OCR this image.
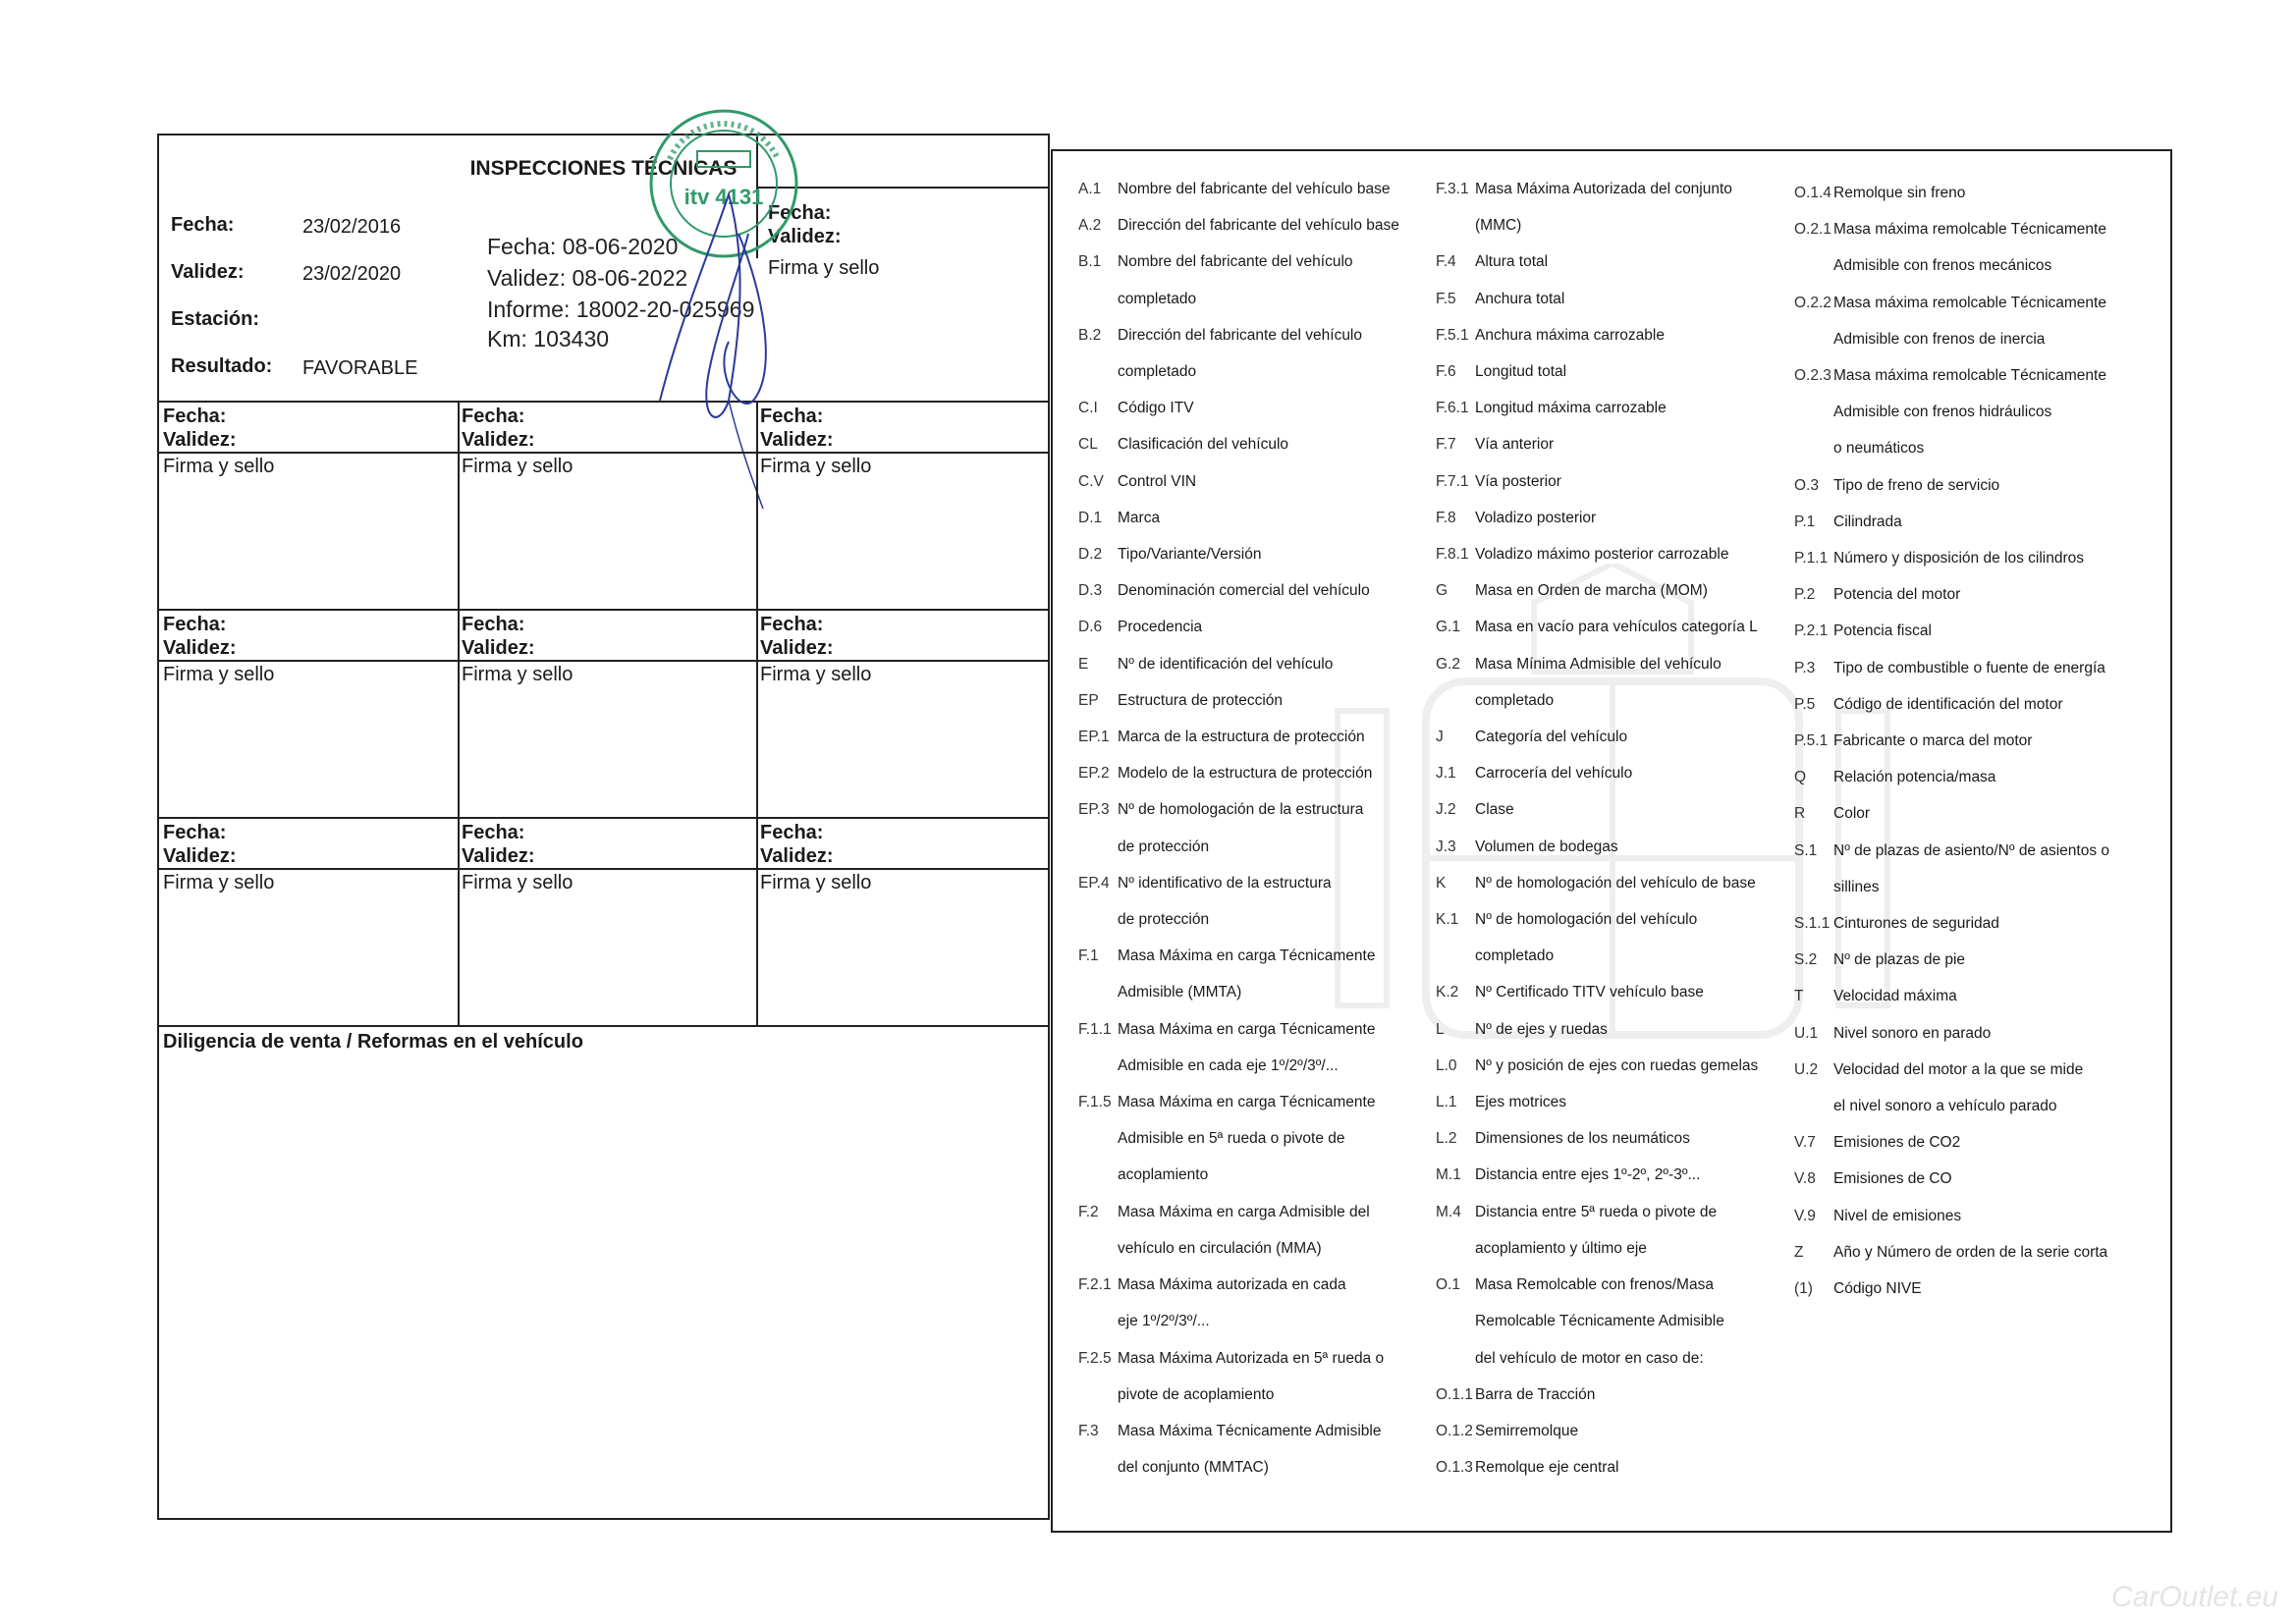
INSPECCIONES TÉCNICAS
Fecha:	23/02/2016
Validez:	23/02/2020
Estación:
Resultado: FAVORABLE
Fecha: 08-06-2020
Validez: 08-06-2022
Informe: 18002-20-025969
Km: 103430
Fecha:
Validez:
Firma y sello
itv 4131
Fecha:
Validez:
Firma y sello
Fecha:
Validez:
Firma y sello
Fecha:
Validez:
Firma y sello
Fecha:
Validez:
Firma y sello
Fecha:
Validez:
Firma y sello
Fecha:
Validez:
Firma y sello
Fecha:
Validez:
Firma y sello
Fecha:
Validez:
Firma y sello
Fecha:
Validez:
Firma y sello
Diligencia de venta / Reformas en el vehículo
A.1 Nombre del fabricante del vehículo base
A.2 Dirección del fabricante del vehículo base
B.1 Nombre del fabricante del vehículo
completado
B.2 Dirección del fabricante del vehículo
completado
C.I Código ITV
CL Clasificación del vehículo
C.V Control VIN
D.1 Marca
D.2 Tipo/Variante/Versión
D.3 Denominación comercial del vehículo
D.6 Procedencia
E Nº de identificación del vehículo
EP Estructura de protección
EP.1 Marca de la estructura de protección
EP.2 Modelo de la estructura de protección
EP.3 Nº de homologación de la estructura
de protección
EP.4 Nº identificativo de la estructura
de protección
F.1 Masa Máxima en carga Técnicamente
Admisible (MMTA)
F.1.1 Masa Máxima en carga Técnicamente
Admisible en cada eje 1º/2º/3º/...
F.1.5 Masa Máxima en carga Técnicamente
Admisible en 5ª rueda o pivote de
acoplamiento
F.2 Masa Máxima en carga Admisible del
vehículo en circulación (MMA)
F.2.1 Masa Máxima autorizada en cada
eje 1º/2º/3º/...
F.2.5 Masa Máxima Autorizada en 5ª rueda o
pivote de acoplamiento
F.3 Masa Máxima Técnicamente Admisible
del conjunto (MMTAC)
F.3.1 Masa Máxima Autorizada del conjunto
(MMC)
F.4 Altura total
F.5 Anchura total
F.5.1 Anchura máxima carrozable
F.6 Longitud total
F.6.1 Longitud máxima carrozable
F.7 Vía anterior
F.7.1 Vía posterior
F.8 Voladizo posterior
F.8.1 Voladizo máximo posterior carrozable
G Masa en Orden de marcha (MOM)
G.1 Masa en vacío para vehículos categoría L
G.2 Masa Mínima Admisible del vehículo
completado
J Categoría del vehículo
J.1 Carrocería del vehículo
J.2 Clase
J.3 Volumen de bodegas
K Nº de homologación del vehículo de base
K.1 Nº de homologación del vehículo
completado
K.2 Nº Certificado TITV vehículo base
L Nº de ejes y ruedas
L.0 Nº y posición de ejes con ruedas gemelas
L.1 Ejes motrices
L.2 Dimensiones de los neumáticos
M.1 Distancia entre ejes 1º-2º, 2º-3º...
M.4 Distancia entre 5ª rueda o pivote de
acoplamiento y último eje
O.1 Masa Remolcable con frenos/Masa
Remolcable Técnicamente Admisible
del vehículo de motor en caso de:
O.1.1 Barra de Tracción
O.1.2 Semirremolque
O.1.3 Remolque eje central
O.1.4 Remolque sin freno
O.2.1 Masa máxima remolcable Técnicamente
Admisible con frenos mecánicos
O.2.2 Masa máxima remolcable Técnicamente
Admisible con frenos de inercia
O.2.3 Masa máxima remolcable Técnicamente
Admisible con frenos hidráulicos
o neumáticos
O.3 Tipo de freno de servicio
P.1 Cilindrada
P.1.1 Número y disposición de los cilindros
P.2 Potencia del motor
P.2.1 Potencia fiscal
P.3 Tipo de combustible o fuente de energía
P.5 Código de identificación del motor
P.5.1 Fabricante o marca del motor
Q Relación potencia/masa
R Color
S.1 Nº de plazas de asiento/Nº de asientos o
sillines
S.1.1 Cinturones de seguridad
S.2 Nº de plazas de pie
T Velocidad máxima
U.1 Nivel sonoro en parado
U.2 Velocidad del motor a la que se mide
el nivel sonoro a vehículo parado
V.7 Emisiones de CO2
V.8 Emisiones de CO
V.9 Nivel de emisiones
Z Año y Número de orden de la serie corta
(1) Código NIVE
CarOutlet.eu
